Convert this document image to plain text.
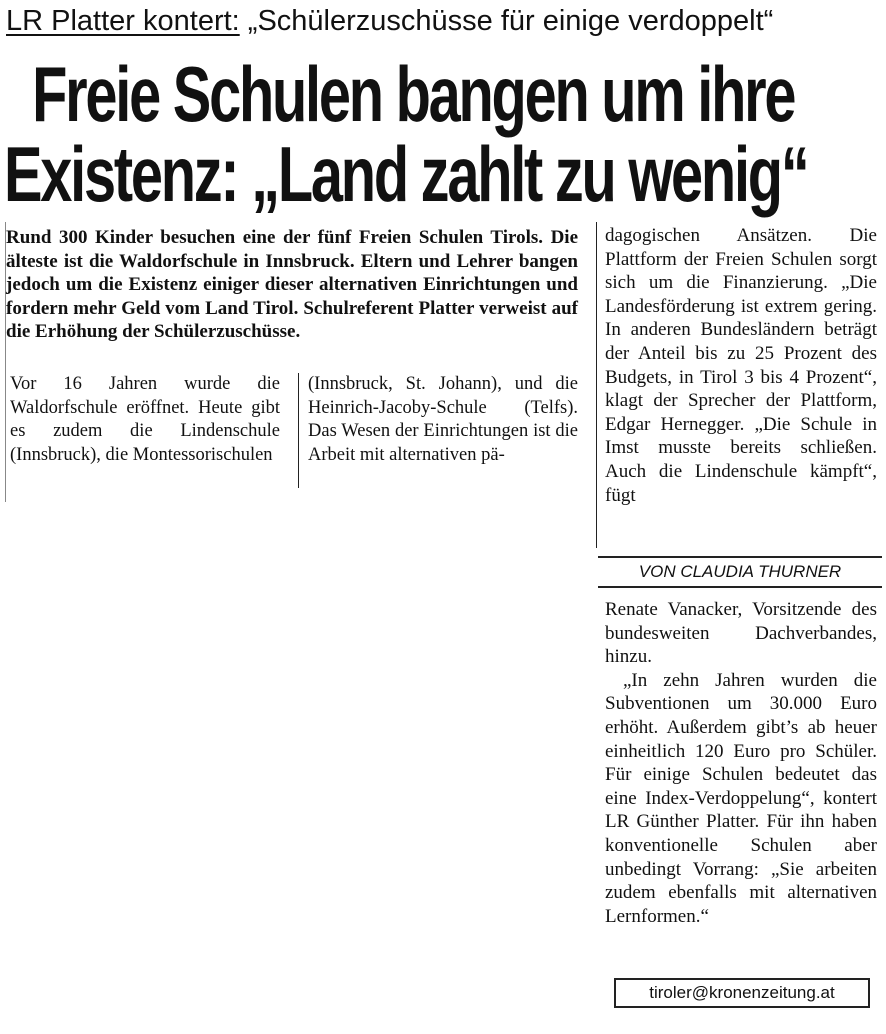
LR Platter kontert: „Schülerzuschüsse für einige verdoppelt“
Freie Schulen bangen um ihre
Existenz: „Land zahlt zu wenig“
Rund 300 Kinder besuchen eine der fünf Freien Schulen Tirols. Die älteste ist die Waldorfschule in Innsbruck. Eltern und Lehrer bangen jedoch um die Existenz einiger dieser alternativen Einrichtungen und fordern mehr Geld vom Land Tirol. Schulreferent Platter verweist auf die Erhöhung der Schülerzuschüsse.
Vor 16 Jahren wurde die Waldorfschule eröffnet. Heute gibt es zudem die Lindenschule (Innsbruck), die Montessorischulen
(Innsbruck, St. Johann), und die Heinrich-Jacoby-Schule (Telfs). Das Wesen der Einrichtungen ist die Arbeit mit alternativen pä-
dagogischen Ansätzen. Die Plattform der Freien Schulen sorgt sich um die Finanzierung. „Die Landesförderung ist extrem gering. In anderen Bundesländern beträgt der Anteil bis zu 25 Prozent des Budgets, in Tirol 3 bis 4 Prozent“, klagt der Sprecher der Plattform, Edgar Hernegger. „Die Schule in Imst musste bereits schließen. Auch die Lindenschule kämpft“, fügt
VON CLAUDIA THURNER

Renate Vanacker, Vorsitzende des bundesweiten Dachverbandes, hinzu.

„In zehn Jahren wurden die Subventionen um 30.000 Euro erhöht. Außerdem gibt’s ab heuer einheitlich 120 Euro pro Schüler. Für einige Schulen bedeutet das eine Index-Verdoppelung“, kontert LR Günther Platter. Für ihn haben konventionelle Schulen aber unbedingt Vorrang: „Sie arbeiten zudem ebenfalls mit alternativen Lernformen.“

tiroler@kronenzeitung.at
